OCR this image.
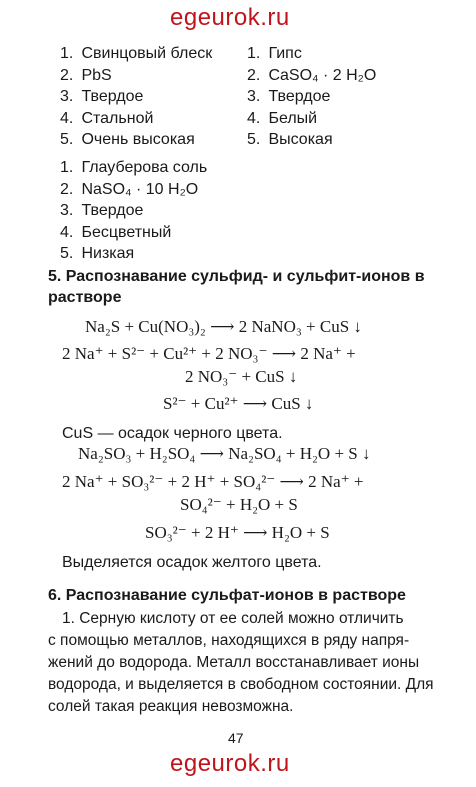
egeurok.ru
1. Свинцовый блеск
2. PbS
3. Твердое
4. Стальной
5. Очень высокая
1. Гипс
2. CaSO₄ · 2 H₂O
3. Твердое
4. Белый
5. Высокая
1. Глауберова соль
2. NaSO₄ · 10 H₂O
3. Твердое
4. Бесцветный
5. Низкая
5. Распознавание сульфид- и сульфит-ионов в
растворе
Na₂S + Cu(NO₃)₂ ⟶ 2 NaNO₃ + CuS ↓
2 Na⁺ + S²⁻ + Cu²⁺ + 2 NO₃⁻ ⟶ 2 Na⁺ +
2 NO₃⁻ + CuS ↓
S²⁻ + Cu²⁺ ⟶ CuS ↓
CuS — осадок черного цвета.
Na₂SO₃ + H₂SO₄ ⟶ Na₂SO₄ + H₂O + S ↓
2 Na⁺ + SO₃²⁻ + 2 H⁺ + SO₄²⁻ ⟶ 2 Na⁺ +
SO₄²⁻ + H₂O + S
SO₃²⁻ + 2 H⁺ ⟶ H₂O + S
Выделяется осадок желтого цвета.
6. Распознавание сульфат-ионов в растворе
1. Серную кислоту от ее солей можно отличить
с помощью металлов, находящихся в ряду напря-
жений до водорода. Металл восстанавливает ионы
водорода, и выделяется в свободном состоянии. Для
солей такая реакция невозможна.
47
egeurok.ru
